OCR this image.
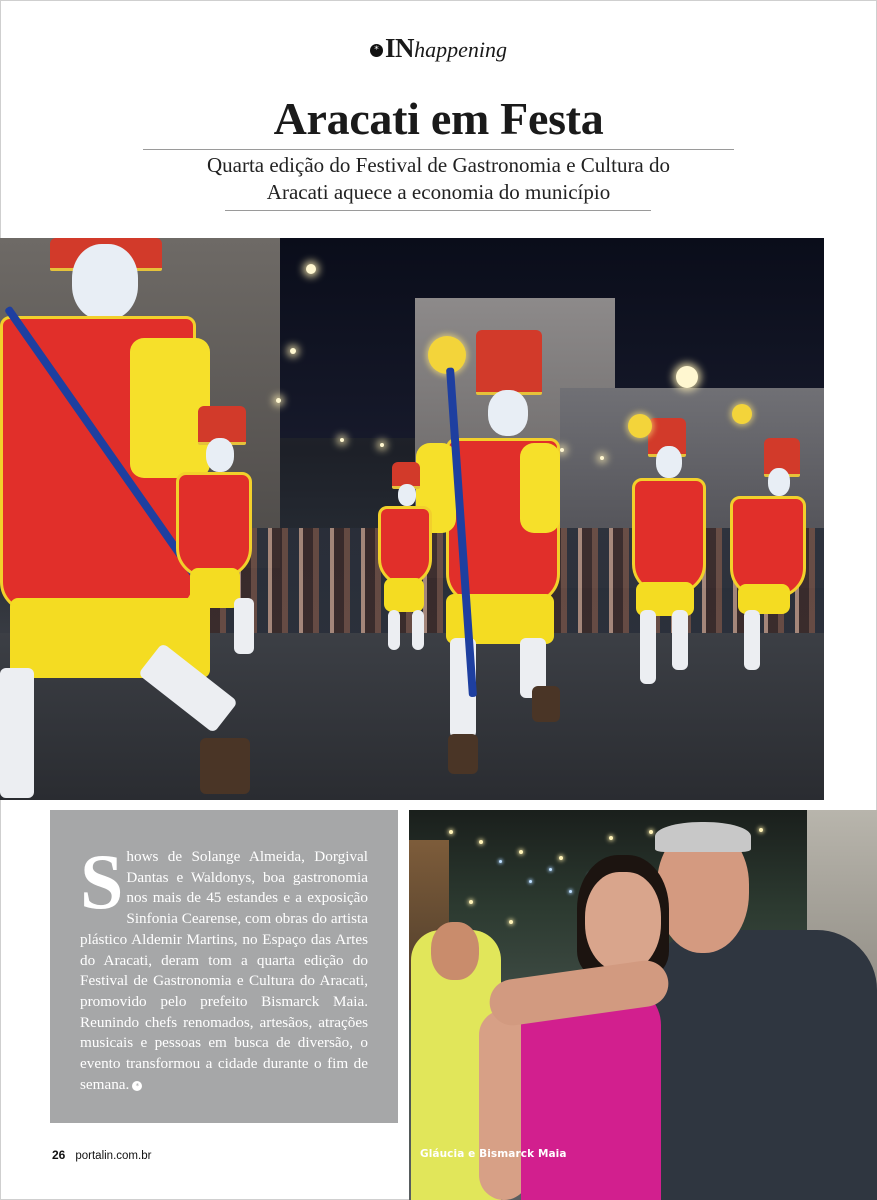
* INhappening
Aracati em Festa
Quarta edição do Festival de Gastronomia e Cultura do
Aracati aquece a economia do município

Shows de Solange Almeida, Dorgival Dantas e Waldonys, boa gastronomia nos mais de 45 estandes e a exposição Sinfonia Cearense, com obras do artista plástico Aldemir Martins, no Espaço das Artes do Aracati, deram tom a quarta edição do Festival de Gastronomia e Cultura do Aracati, promovido pelo prefeito Bismarck Maia. Reunindo chefs renomados, artesãos, atrações musicais e pessoas em busca de diversão, o evento transformou a cidade durante o fim de semana. *

Gláucia e Bismarck Maia
26 portalin.com.br
